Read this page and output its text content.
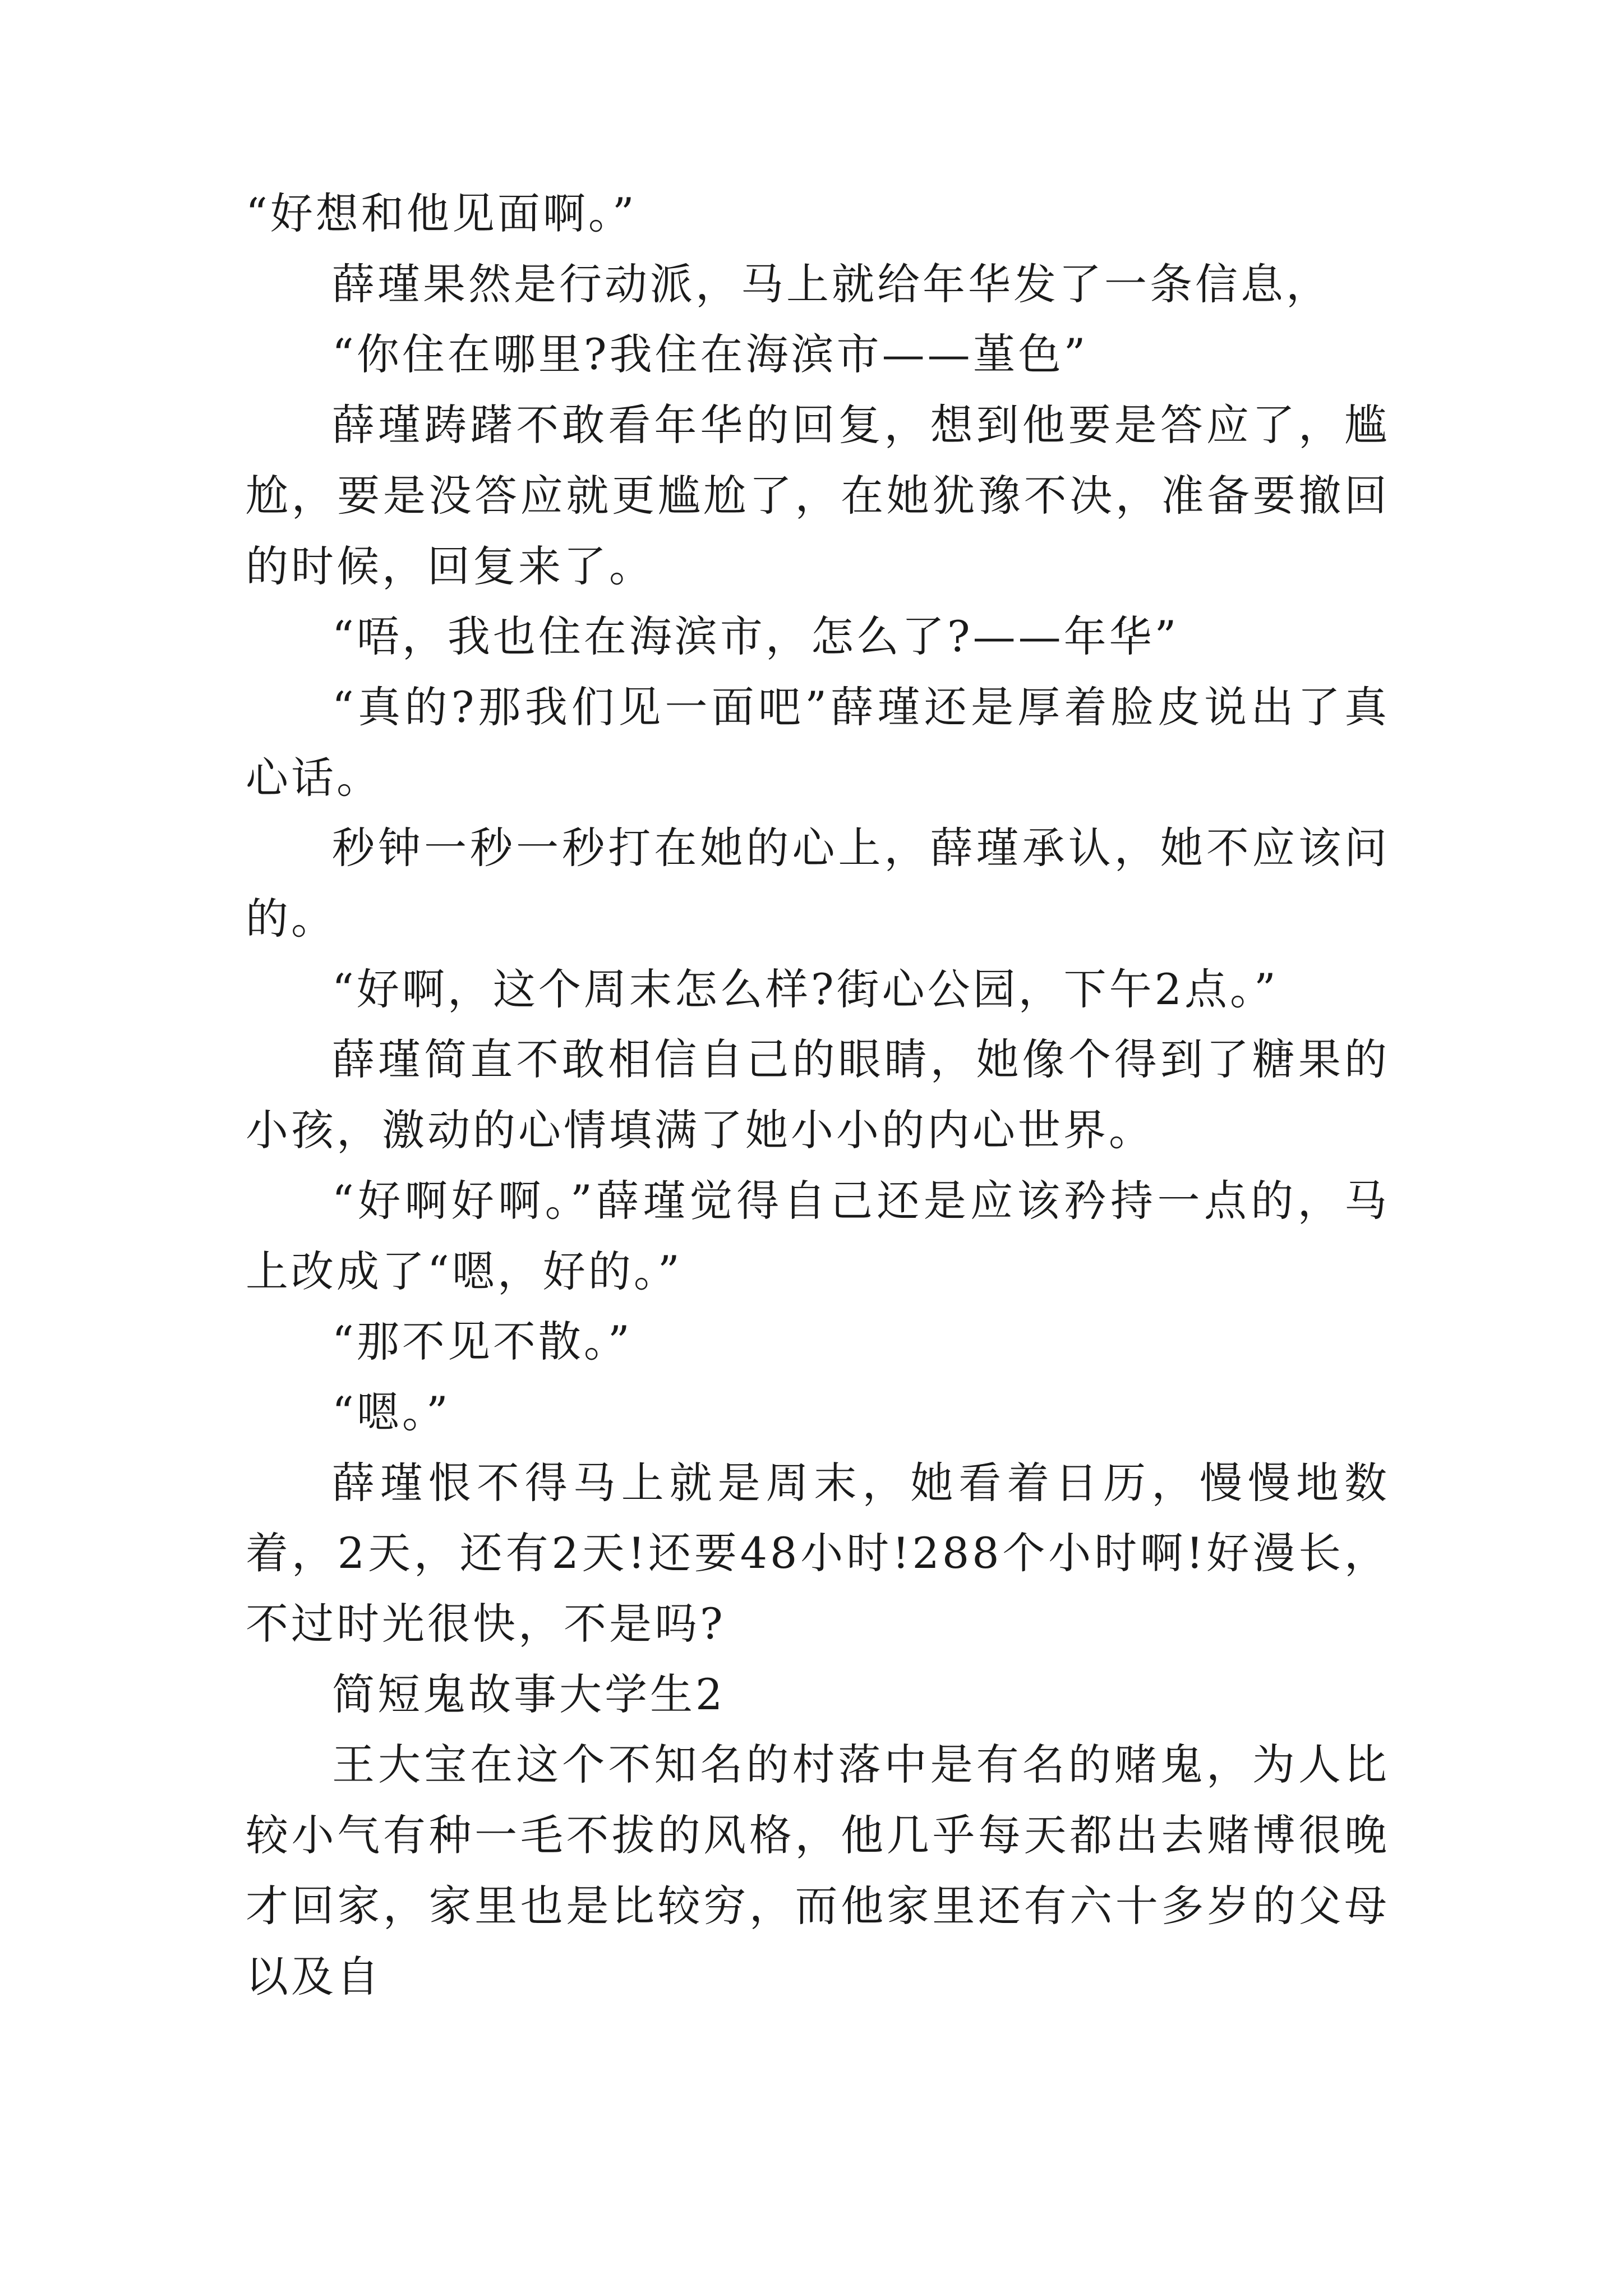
“好想和他见面啊。”

薛瑾果然是行动派，马上就给年华发了一条信息，

“你住在哪里?我住在海滨市——堇色”

薛瑾踌躇不敢看年华的回复，想到他要是答应了，尴尬，要是没答应就更尴尬了，在她犹豫不决，准备要撤回的时候，回复来了。

“唔，我也住在海滨市，怎么了?——年华”

“真的?那我们见一面吧”薛瑾还是厚着脸皮说出了真心话。

秒钟一秒一秒打在她的心上，薛瑾承认，她不应该问的。

“好啊，这个周末怎么样?街心公园，下午2点。”

薛瑾简直不敢相信自己的眼睛，她像个得到了糖果的小孩，激动的心情填满了她小小的内心世界。

“好啊好啊。”薛瑾觉得自己还是应该矜持一点的，马上改成了“嗯，好的。”

“那不见不散。”

“嗯。”

薛瑾恨不得马上就是周末，她看着日历，慢慢地数着，2天，还有2天!还要48小时!288个小时啊!好漫长，不过时光很快，不是吗?

简短鬼故事大学生2

王大宝在这个不知名的村落中是有名的赌鬼，为人比较小气有种一毛不拔的风格，他几乎每天都出去赌博很晚才回家，家里也是比较穷，而他家里还有六十多岁的父母以及自
